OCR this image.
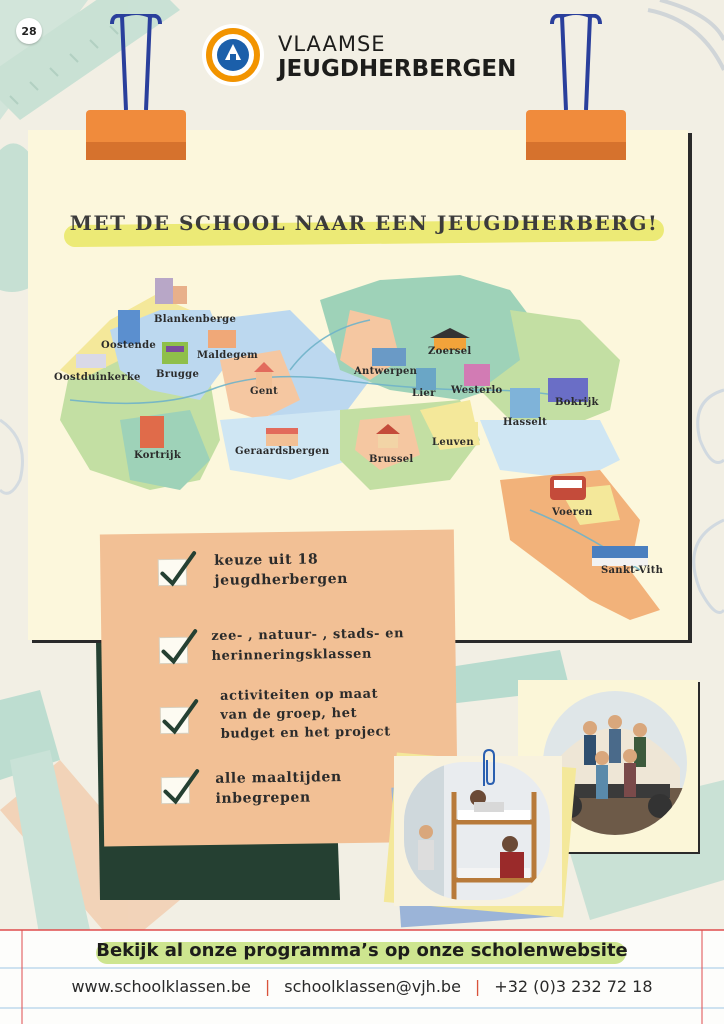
28
VLAAMSE
JEUGDHERBERGEN
MET DE SCHOOL NAAR EEN JEUGDHERBERG!
Blankenberge
Oostende
Maldegem
Oostduinkerke Brugge
Gent
Antwerpen
Zoersel
Lier Westerlo
Bokrijk
Hasselt
Kortrijk	Geraardsbergen
Brussel
Leuven
Voeren
Sankt-Vith
keuze uit 18
jeugdherbergen
zee- , natuur- , stads- en
herinneringsklassen
activiteiten op maat
van de groep, het
budget en het project
alle maaltijden
inbegrepen
Bekijk al onze programma’s op onze scholenwebsite
www.schoolklassen.be | schoolklassen@vjh.be | +32 (0)3 232 72 18
